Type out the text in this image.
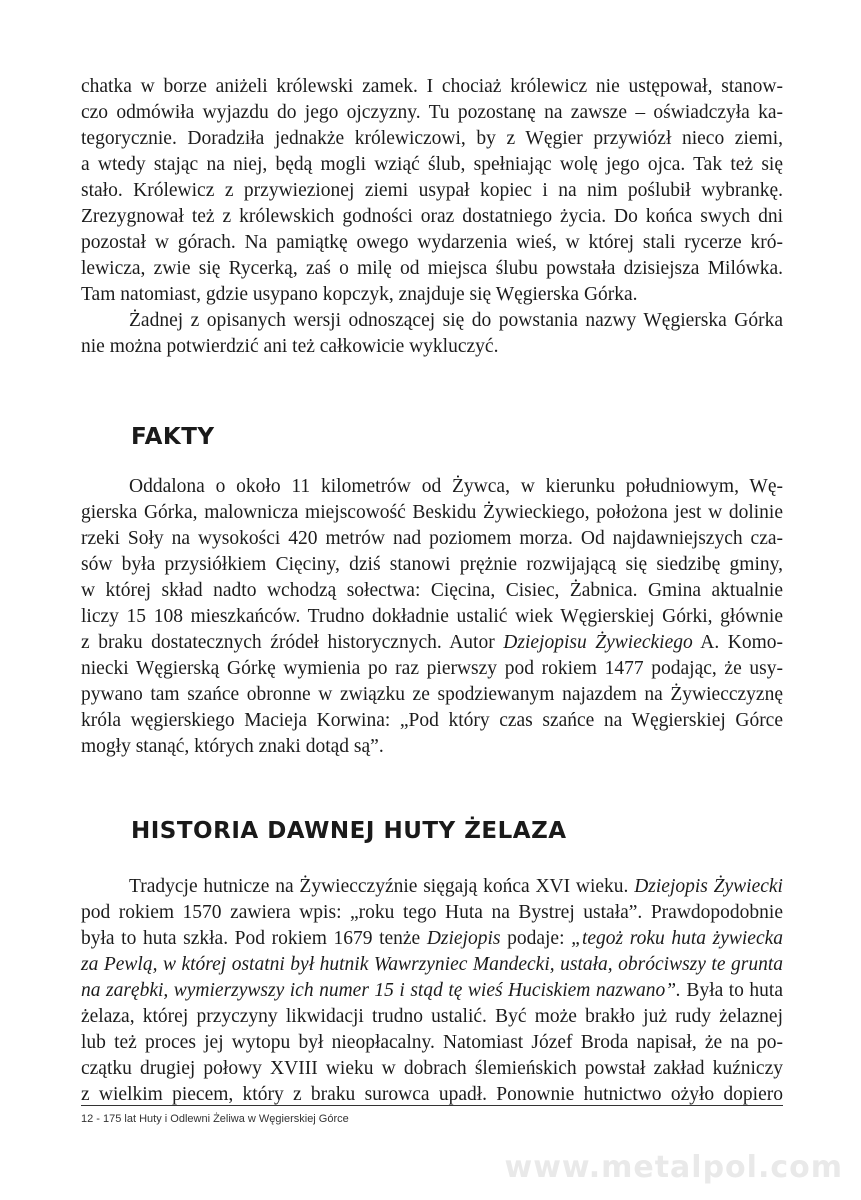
chatka w borze aniżeli królewski zamek. I chociaż królewicz nie ustępował, stanow-
czo odmówiła wyjazdu do jego ojczyzny. Tu pozostanę na zawsze – oświadczyła ka-
tegorycznie. Doradziła jednakże królewiczowi, by z Węgier przywiózł nieco ziemi,
a wtedy stając na niej, będą mogli wziąć ślub, spełniając wolę jego ojca. Tak też się
stało. Królewicz z przywiezionej ziemi usypał kopiec i na nim poślubił wybrankę.
Zrezygnował też z królewskich godności oraz dostatniego życia. Do końca swych dni
pozostał w górach. Na pamiątkę owego wydarzenia wieś, w której stali rycerze kró-
lewicza, zwie się Rycerką, zaś o milę od miejsca ślubu powstała dzisiejsza Milówka.
Tam natomiast, gdzie usypano kopczyk, znajduje się Węgierska Górka.
Żadnej z opisanych wersji odnoszącej się do powstania nazwy Węgierska Górka
nie można potwierdzić ani też całkowicie wykluczyć.
FAKTY
Oddalona o około 11 kilometrów od Żywca, w kierunku południowym, Wę-
gierska Górka, malownicza miejscowość Beskidu Żywieckiego, położona jest w dolinie
rzeki Soły na wysokości 420 metrów nad poziomem morza. Od najdawniejszych cza-
sów była przysiółkiem Cięciny, dziś stanowi prężnie rozwijającą się siedzibę gminy,
w której skład nadto wchodzą sołectwa: Cięcina, Cisiec, Żabnica. Gmina aktualnie
liczy 15 108 mieszkańców. Trudno dokładnie ustalić wiek Węgierskiej Górki, głównie
z braku dostatecznych źródeł historycznych. Autor Dziejopisu Żywieckiego A. Komo-
niecki Węgierską Górkę wymienia po raz pierwszy pod rokiem 1477 podając, że usy-
pywano tam szańce obronne w związku ze spodziewanym najazdem na Żywiecczyznę
króla węgierskiego Macieja Korwina: „Pod który czas szańce na Węgierskiej Górce
mogły stanąć, których znaki dotąd są”.
HISTORIA DAWNEJ HUTY ŻELAZA
Tradycje hutnicze na Żywiecczyźnie sięgają końca XVI wieku. Dziejopis Żywiecki
pod rokiem 1570 zawiera wpis: „roku tego Huta na Bystrej ustała”. Prawdopodobnie
była to huta szkła. Pod rokiem 1679 tenże Dziejopis podaje: „tegoż roku huta żywiecka
za Pewlą, w której ostatni był hutnik Wawrzyniec Mandecki, ustała, obróciwszy te grunta
na zarębki, wymierzywszy ich numer 15 i stąd tę wieś Huciskiem nazwano”. Była to huta
żelaza, której przyczyny likwidacji trudno ustalić. Być może brakło już rudy żelaznej
lub też proces jej wytopu był nieopłacalny. Natomiast Józef Broda napisał, że na po-
czątku drugiej połowy XVIII wieku w dobrach ślemieńskich powstał zakład kuźniczy
z wielkim piecem, który z braku surowca upadł. Ponownie hutnictwo ożyło dopiero
12 - 175 lat Huty i Odlewni Żeliwa w Węgierskiej Górce
www.metalpol.com
